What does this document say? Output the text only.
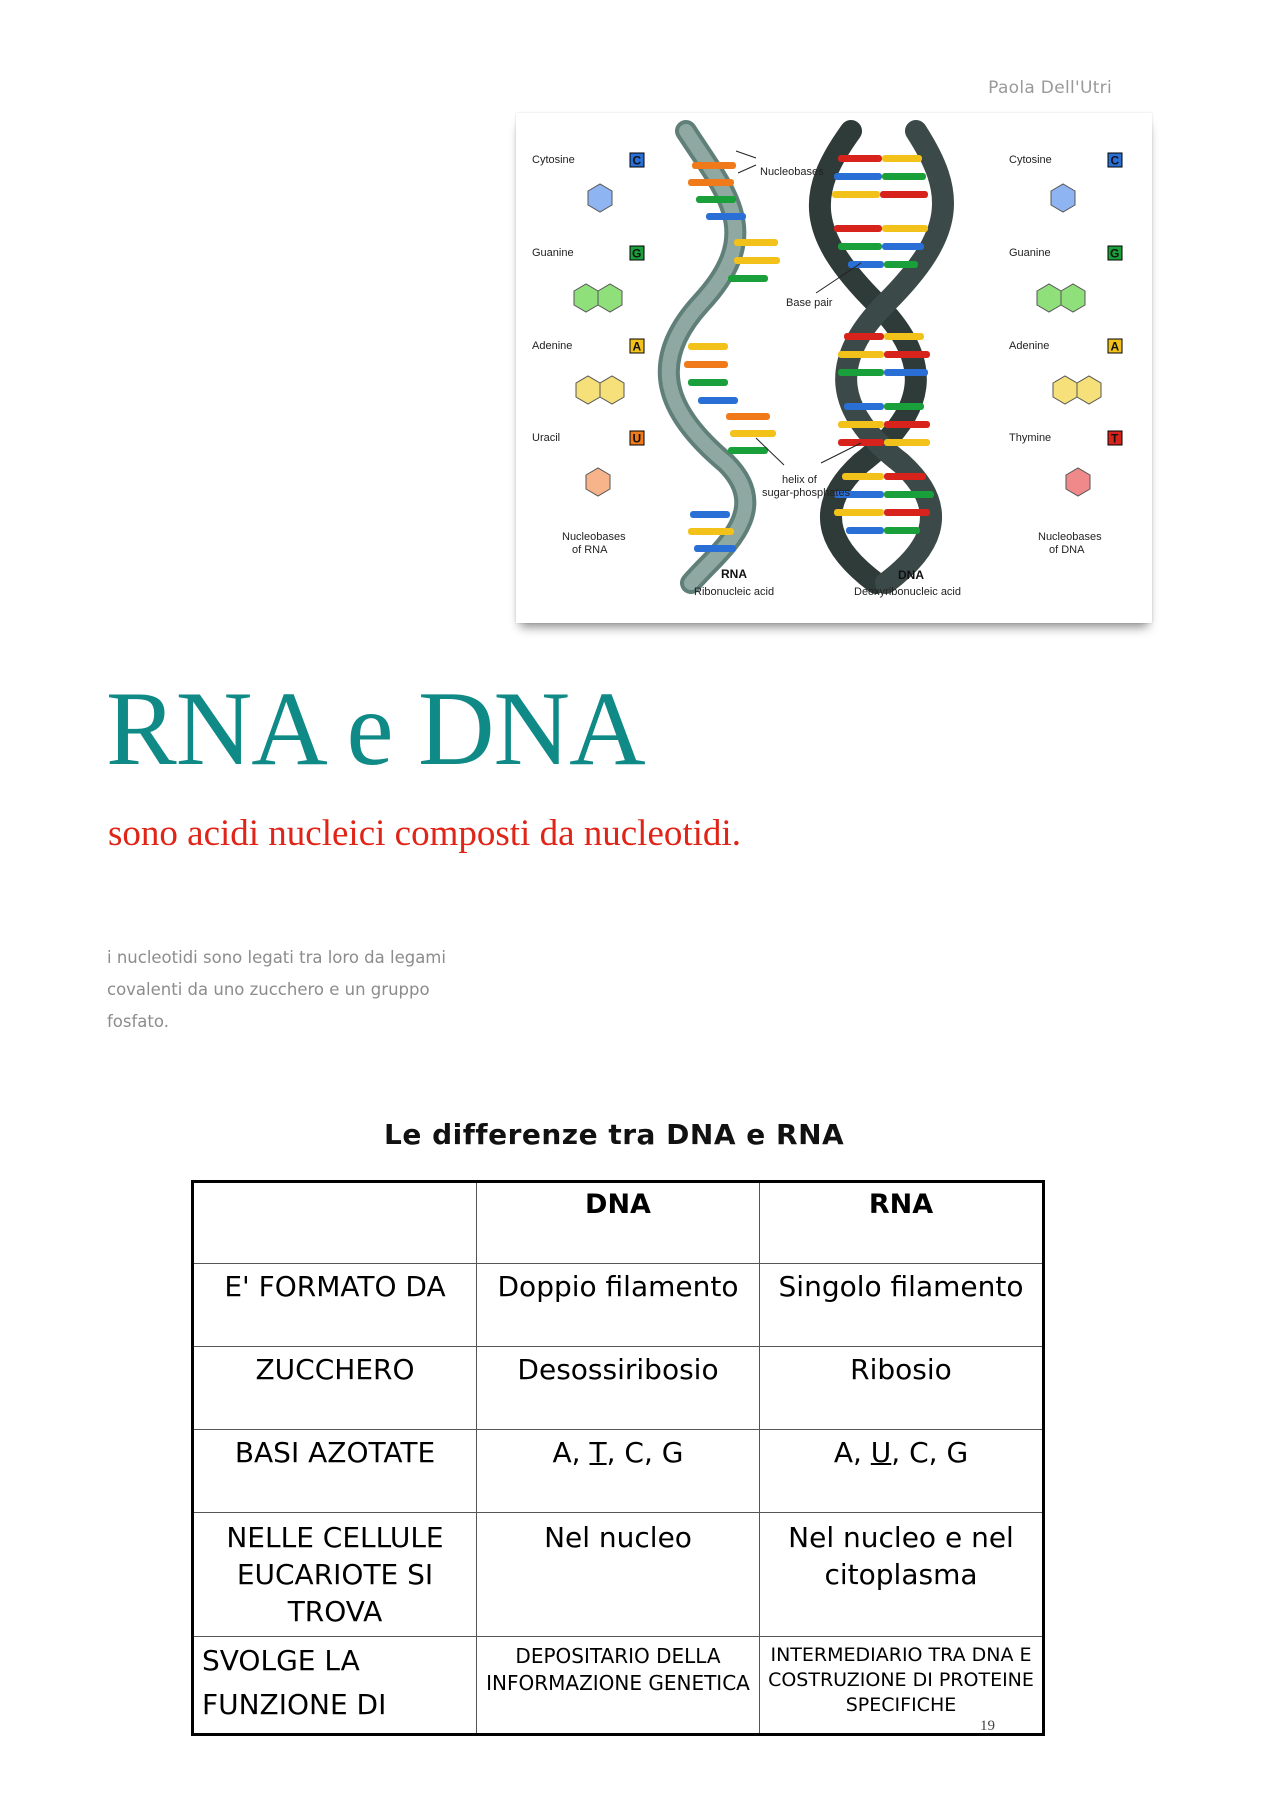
Paola Dell'Utri
Cytosine
Guanine
Adenine
Uracil
C
G
A
U
Cytosine
Guanine
Adenine
Thymine
C
G
A
T
Nucleobases
Base pair
helix of
sugar-phosphates
Nucleobases
of RNA
Nucleobases
of DNA
RNA
Ribonucleic acid
DNA
Deoxyribonucleic acid
RNA e DNA
sono acidi nucleici composti da nucleotidi.
i nucleotidi sono legati tra loro da legami covalenti da uno zucchero e un gruppo fosfato.
Le differenze tra DNA e RNA
	DNA	RNA
E' FORMATO DA	Doppio filamento	Singolo filamento
ZUCCHERO	Desossiribosio	Ribosio
BASI AZOTATE	A, T, C, G	A, U, C, G
NELLE CELLULE EUCARIOTE SI TROVA	Nel nucleo	Nel nucleo e nel citoplasma
SVOLGE LA
FUNZIONE DI	DEPOSITARIO DELLA INFORMAZIONE GENETICA	INTERMEDIARIO TRA DNA E COSTRUZIONE DI PROTEINE SPECIFICHE
19
